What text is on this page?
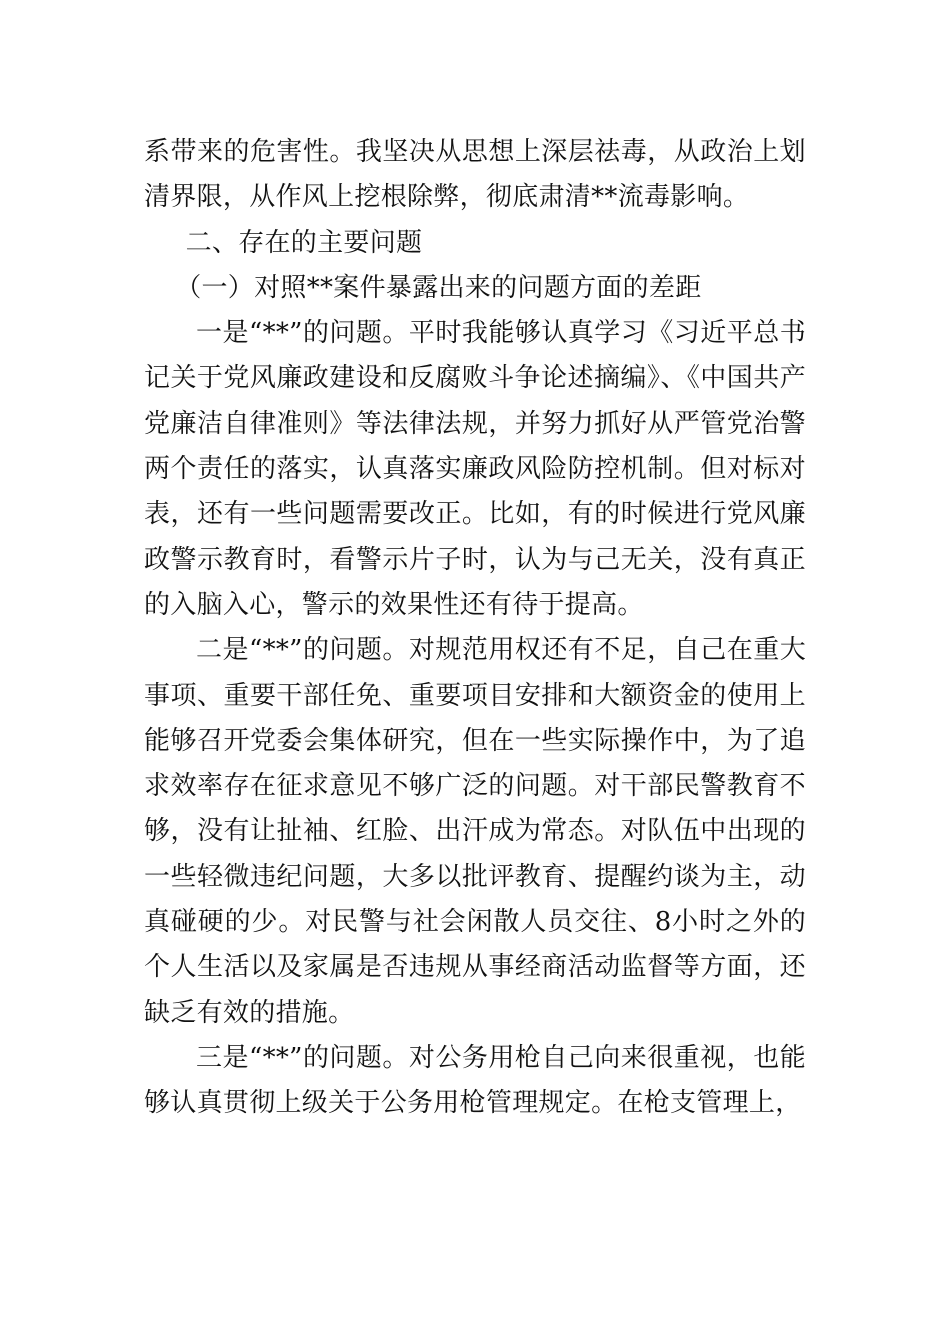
系带来的危害性。我坚决从思想上深层祛毒，从政治上划清界限，从作风上挖根除弊，彻底肃清**流毒影响。

二、存在的主要问题

（一）对照**案件暴露出来的问题方面的差距

一是“**”的问题。平时我能够认真学习《习近平总书记关于党风廉政建设和反腐败斗争论述摘编》、《中国共产党廉洁自律准则》等法律法规，并努力抓好从严管党治警两个责任的落实，认真落实廉政风险防控机制。但对标对表，还有一些问题需要改正。比如，有的时候进行党风廉政警示教育时，看警示片子时，认为与己无关，没有真正的入脑入心，警示的效果性还有待于提高。

二是“**”的问题。对规范用权还有不足，自己在重大事项、重要干部任免、重要项目安排和大额资金的使用上能够召开党委会集体研究，但在一些实际操作中，为了追求效率存在征求意见不够广泛的问题。对干部民警教育不够，没有让扯袖、红脸、出汗成为常态。对队伍中出现的一些轻微违纪问题，大多以批评教育、提醒约谈为主，动真碰硬的少。对民警与社会闲散人员交往、8小时之外的个人生活以及家属是否违规从事经商活动监督等方面，还缺乏有效的措施。

三是“**”的问题。对公务用枪自己向来很重视，也能够认真贯彻上级关于公务用枪管理规定。在枪支管理上，
